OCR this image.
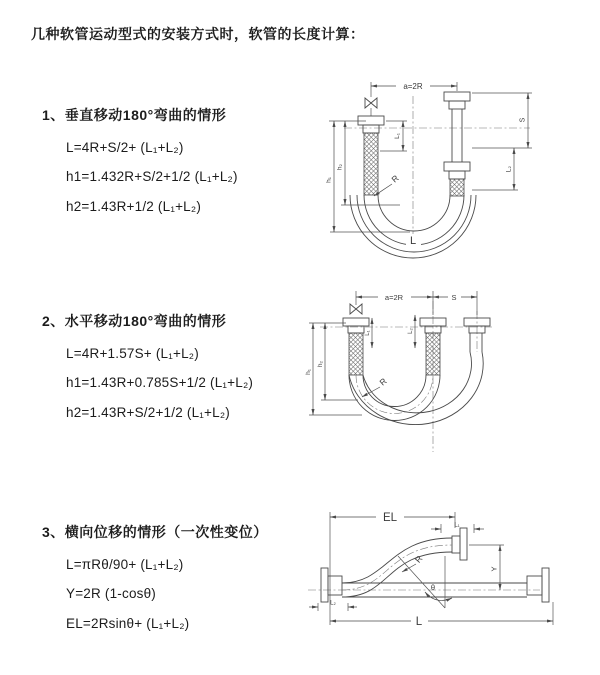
几种软管运动型式的安装方式时，软管的长度计算：
1、垂直移动180°弯曲的情形
L=4R+S/2+ (L₁+L₂)
h1=1.432R+S/2+1/2 (L₁+L₂)
h2=1.43R+1/2 (L₁+L₂)
2、水平移动180°弯曲的情形
L=4R+1.57S+ (L₁+L₂)
h1=1.43R+0.785S+1/2 (L₁+L₂)
h2=1.43R+S/2+1/2 (L₁+L₂)
3、横向位移的情形（一次性变位）
L=πRθ/90+ (L₁+L₂)
Y=2R (1-cosθ)
EL=2Rsinθ+ (L₁+L₂)
a=2R
L₁
S
L₂
h₁
h₂
R
L
a=2R	S
L₁	L₂
h₁
h₂
R
EL
L₁
Y
L₂
L
R
θ
